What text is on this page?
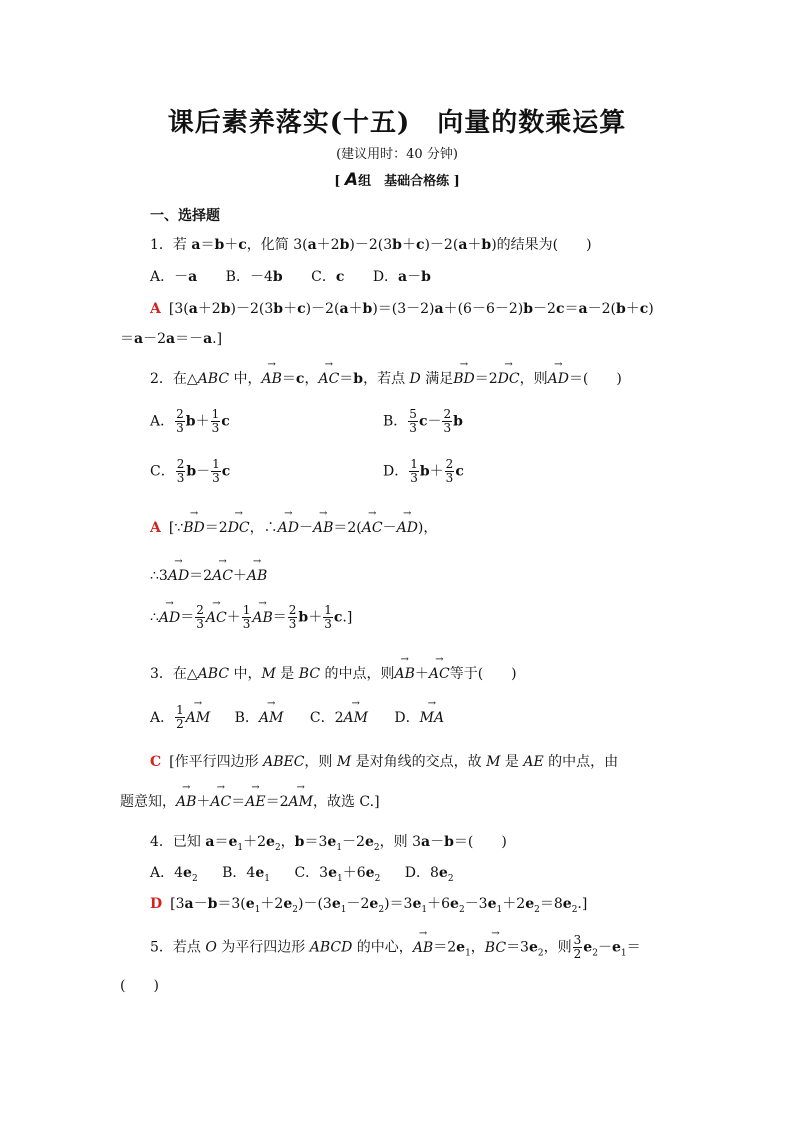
课后素养落实(十五)　向量的数乘运算
(建议用时：40 分钟)
[ A组　基础合格练 ]
一、选择题
1．若 a＝b＋c，化简 3(a＋2b)－2(3b＋c)－2(a＋b)的结果为(　　)
A．－a B．－4b C．c D．a－b
A [3(a＋2b)－2(3b＋c)－2(a＋b)＝(3－2)a＋(6－6－2)b－2c＝a－2(b＋c)
＝a－2a＝－a.]
2．在△ABC 中，→ AB＝c，→ AC＝b，若点 D 满足→ BD＝2→ DC，则→ AD＝(　　)
A． $\frac{2}{3} b+ \frac{1}{3}$ c	B． $\frac{5}{3} c- \frac{2}{3}$ b
C． $\frac{2}{3} b- \frac{1}{3}$ c	D． $\frac{1}{3} b+ \frac{2}{3}$ c
A [∵→ BD＝2→ DC，∴→ AD－→ AB＝2(→ AC－→ AD)，
∴3→ AD＝2→ AC＋→ AB
∴→ $AD= \frac{2}{3}$
→ $AC+ \frac{1}{3}$
→ $AB= \frac{2}{3} b+ \frac{1}{3} c$.]
3．在△ABC 中，M 是 BC 的中点，则→ AB＋→ AC等于(　　)
A． $\frac{1}{2}$
→ AM B．→ AM C．2→ AM D．→ MA
C [作平行四边形 ABEC，则 M 是对角线的交点，故 M 是 AE 的中点，由
题意知，→ AB＋→ AC＝→ AE＝2→ AM，故选 C.]
4．已知 $a=e_1+2e_2$，$b=3e_1-2e_2$，则 3a－b＝(　　)
A．$4e_2$ B．$4e_1$ C．$3e_1+6e_2$ D．$8e_2$
D $[3a-b=3(e_1+2e_2)-(3e_1-2e_2)=3e_1+6e_2-3e_1+2e_2=8e_2.]$
5．若点 O 为平行四边形 ABCD 的中心，→ $AB=2e_1$，→ $BC=3e_2$，则 $\frac{3}{2} e_2-e_1=$
(　　)
